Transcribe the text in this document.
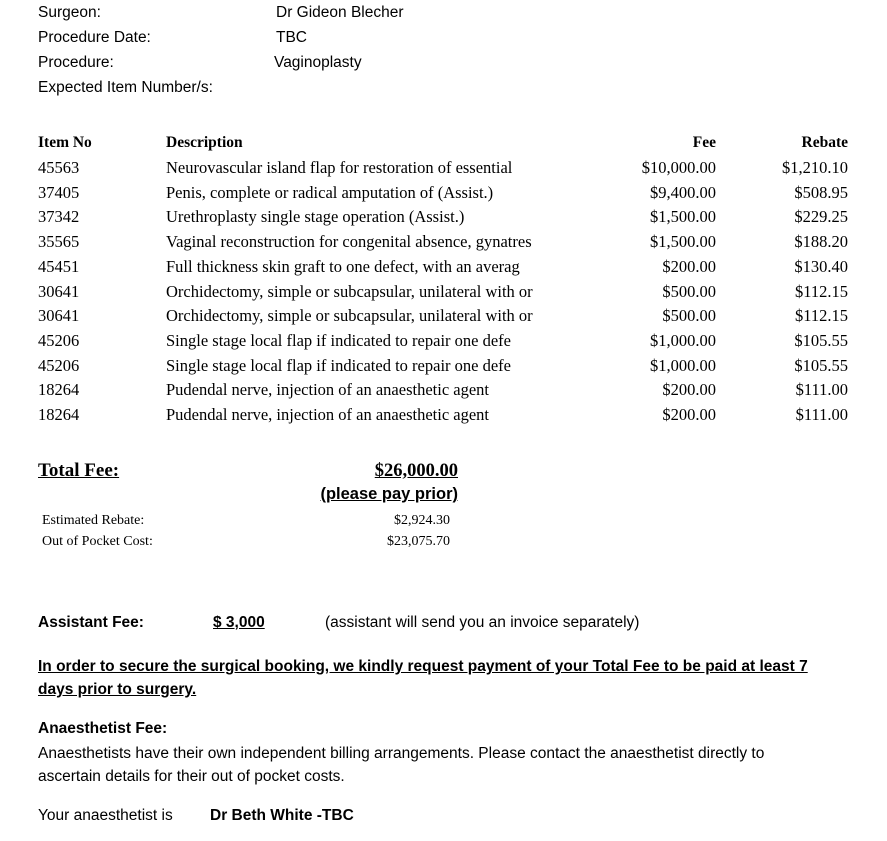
Surgeon:	Dr Gideon Blecher
Procedure Date:	TBC
Procedure:	Vaginoplasty
Expected Item Number/s:
Item No	Description	Fee	Rebate
45563	Neurovascular island flap for restoration of essential	$10,000.00	$1,210.10
37405	Penis, complete or radical amputation of (Assist.)	$9,400.00	$508.95
37342	Urethroplasty single stage operation (Assist.)	$1,500.00	$229.25
35565	Vaginal reconstruction for congenital absence, gynatres	$1,500.00	$188.20
45451	Full thickness skin graft to one defect, with an averag	$200.00	$130.40
30641	Orchidectomy, simple or subcapsular, unilateral with or	$500.00	$112.15
30641	Orchidectomy, simple or subcapsular, unilateral with or	$500.00	$112.15
45206	Single stage local flap if indicated to repair one defe	$1,000.00	$105.55
45206	Single stage local flap if indicated to repair one defe	$1,000.00	$105.55
18264	Pudendal nerve, injection of an anaesthetic agent	$200.00	$111.00
18264	Pudendal nerve, injection of an anaesthetic agent	$200.00	$111.00
Total Fee:	$26,000.00
(please pay prior)
Estimated Rebate:	$2,924.30
Out of Pocket Cost:	$23,075.70
Assistant Fee:	$ 3,000	(assistant will send you an invoice separately)
In order to secure the surgical booking, we kindly request payment of your Total Fee to be paid at least 7 days prior to surgery.
Anaesthetist Fee:
Anaesthetists have their own independent billing arrangements. Please contact the anaesthetist directly to ascertain details for their out of pocket costs.
Your anaesthetist is Dr Beth White -TBC
